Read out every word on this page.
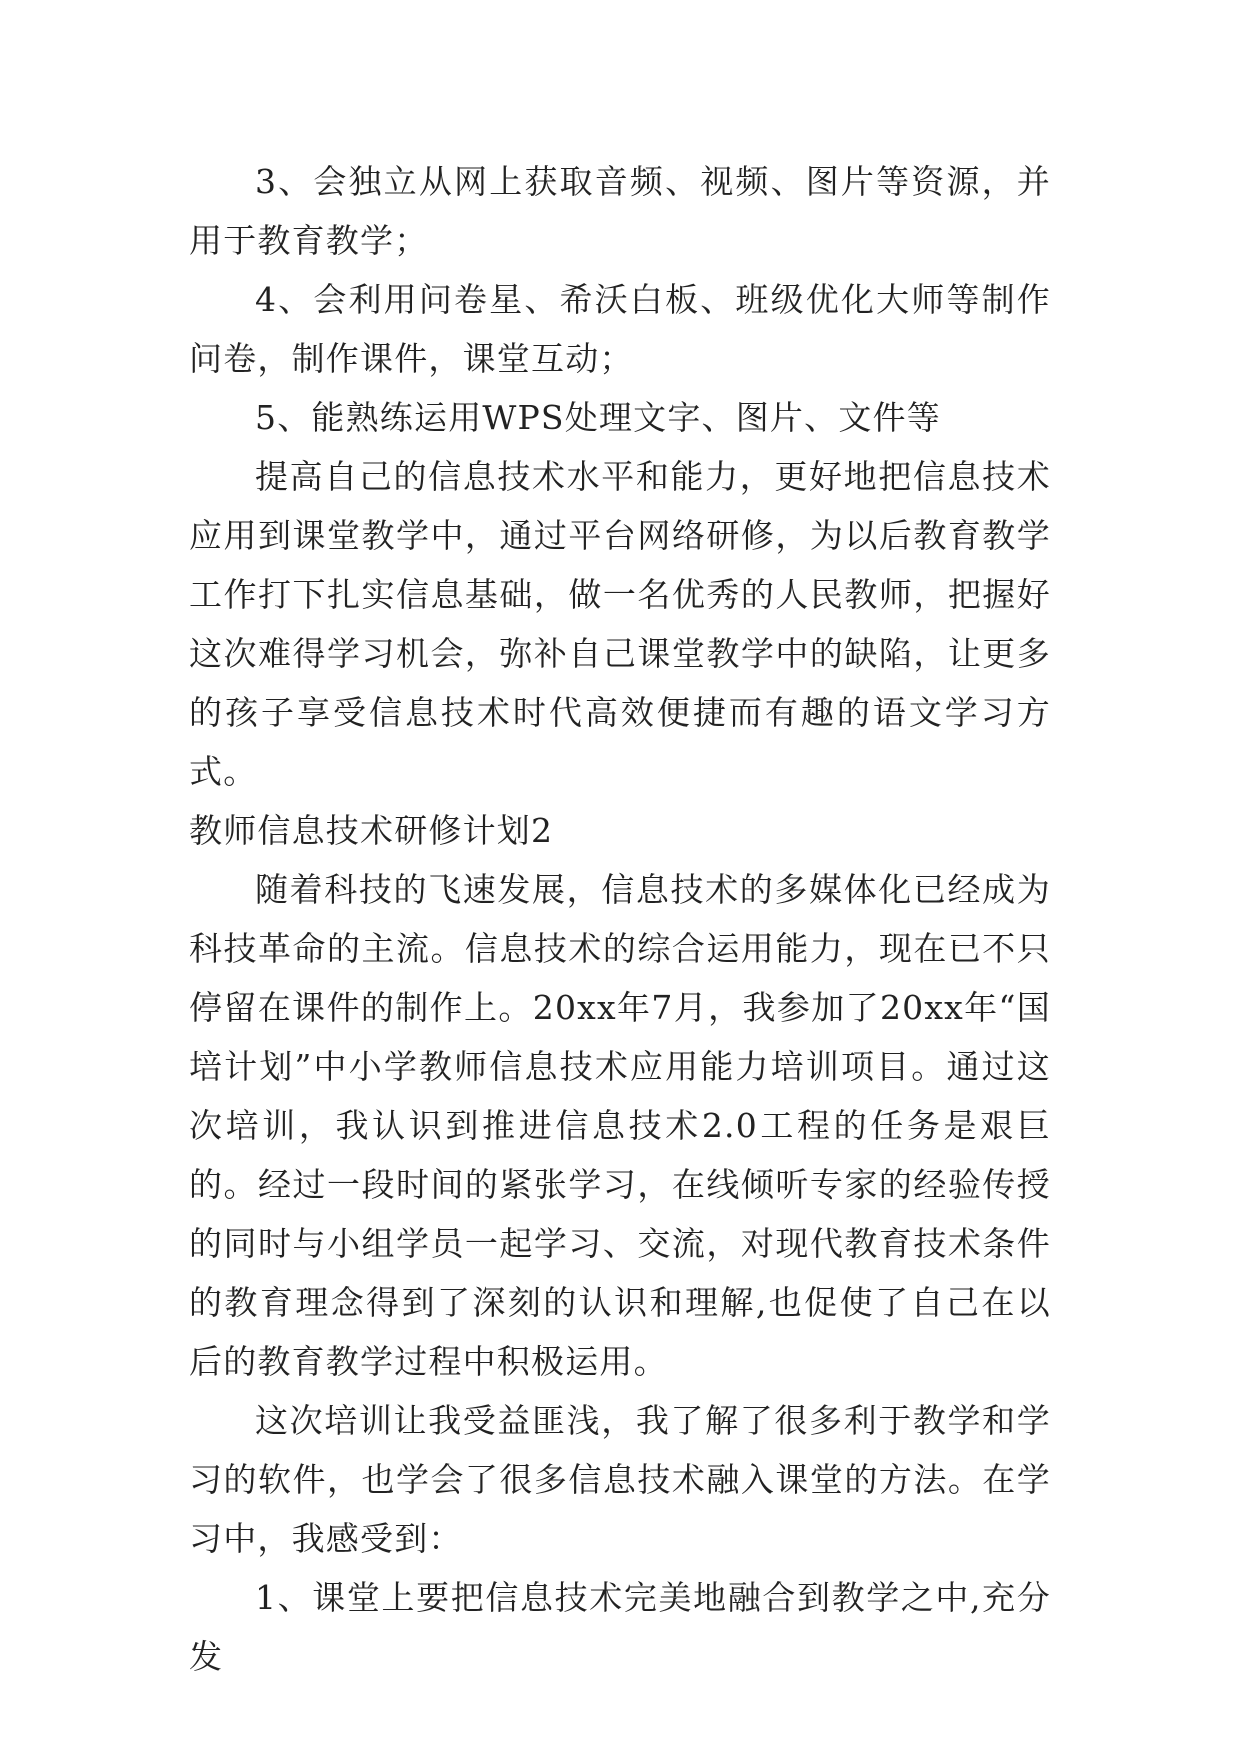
3、会独立从网上获取音频、视频、图片等资源，并用于教育教学；

4、会利用问卷星、希沃白板、班级优化大师等制作问卷，制作课件，课堂互动；

5、能熟练运用WPS处理文字、图片、文件等

提高自己的信息技术水平和能力，更好地把信息技术应用到课堂教学中，通过平台网络研修，为以后教育教学工作打下扎实信息基础，做一名优秀的人民教师，把握好这次难得学习机会，弥补自己课堂教学中的缺陷，让更多的孩子享受信息技术时代高效便捷而有趣的语文学习方式。

教师信息技术研修计划2

随着科技的飞速发展，信息技术的多媒体化已经成为科技革命的主流。信息技术的综合运用能力，现在已不只停留在课件的制作上。20xx年7月，我参加了20xx年“国培计划”中小学教师信息技术应用能力培训项目。通过这次培训，我认识到推进信息技术2.0工程的任务是艰巨的。经过一段时间的紧张学习，在线倾听专家的经验传授的同时与小组学员一起学习、交流，对现代教育技术条件的教育理念得到了深刻的认识和理解,也促使了自己在以后的教育教学过程中积极运用。

这次培训让我受益匪浅，我了解了很多利于教学和学习的软件，也学会了很多信息技术融入课堂的方法。在学习中，我感受到：

1、课堂上要把信息技术完美地融合到教学之中,充分发
